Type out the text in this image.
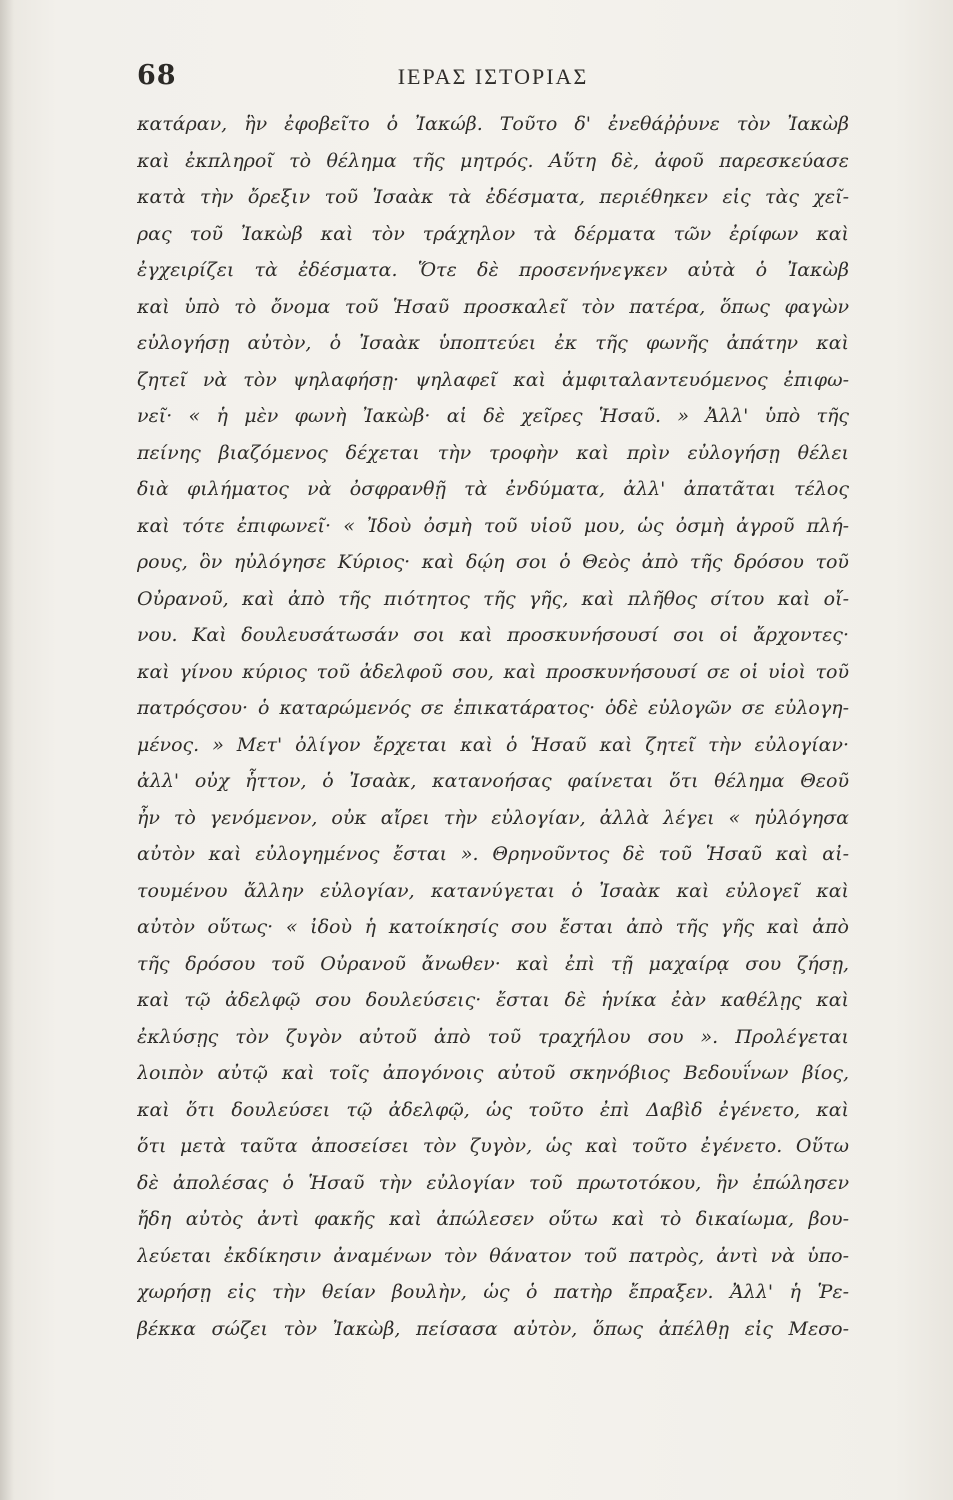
68	ΙΕΡΑΣ ΙΣΤΟΡΙΑΣ
κατάραν, ἣν ἐφοβεῖτο ὁ Ἰακώβ. Τοῦτο δ' ἐνεθάῤῥυνε τὸν Ἰακὼβ
καὶ ἐκπληροῖ τὸ θέλημα τῆς μητρός. Αὕτη δὲ, ἀφοῦ παρεσκεύασε
κατὰ τὴν ὄρεξιν τοῦ Ἰσαὰκ τὰ ἐδέσματα, περιέθηκεν εἰς τὰς χεῖ-
ρας τοῦ Ἰακὼβ καὶ τὸν τράχηλον τὰ δέρματα τῶν ἐρίφων καὶ
ἐγχειρίζει τὰ ἐδέσματα. Ὅτε δὲ προσενήνεγκεν αὐτὰ ὁ Ἰακὼβ
καὶ ὑπὸ τὸ ὄνομα τοῦ Ἡσαῦ προσκαλεῖ τὸν πατέρα, ὅπως φαγὼν
εὐλογήσῃ αὐτὸν, ὁ Ἰσαὰκ ὑποπτεύει ἐκ τῆς φωνῆς ἀπάτην καὶ
ζητεῖ νὰ τὸν ψηλαφήσῃ· ψηλαφεῖ καὶ ἀμφιταλαντευόμενος ἐπιφω-
νεῖ· « ἡ μὲν φωνὴ Ἰακὼβ· αἱ δὲ χεῖρες Ἡσαῦ. » Ἀλλ' ὑπὸ τῆς
πείνης βιαζόμενος δέχεται τὴν τροφὴν καὶ πρὶν εὐλογήσῃ θέλει
διὰ φιλήματος νὰ ὀσφρανθῇ τὰ ἐνδύματα, ἀλλ' ἀπατᾶται τέλος
καὶ τότε ἐπιφωνεῖ· « Ἰδοὺ ὀσμὴ τοῦ υἱοῦ μου, ὡς ὀσμὴ ἀγροῦ πλή-
ρους, ὃν ηὐλόγησε Κύριος· καὶ δῴη σοι ὁ Θεὸς ἀπὸ τῆς δρόσου τοῦ
Οὐρανοῦ, καὶ ἀπὸ τῆς πιότητος τῆς γῆς, καὶ πλῆθος σίτου καὶ οἴ-
νου. Καὶ δουλευσάτωσάν σοι καὶ προσκυνήσουσί σοι οἱ ἄρχοντες·
καὶ γίνου κύριος τοῦ ἀδελφοῦ σου, καὶ προσκυνήσουσί σε οἱ υἱοὶ τοῦ
πατρόςσου· ὁ καταρώμενός σε ἐπικατάρατος· ὁδὲ εὐλογῶν σε εὐλογη-
μένος. » Μετ' ὀλίγον ἔρχεται καὶ ὁ Ἡσαῦ καὶ ζητεῖ τὴν εὐλογίαν·
ἀλλ' οὐχ ἧττον, ὁ Ἰσαὰκ, κατανοήσας φαίνεται ὅτι θέλημα Θεοῦ
ἦν τὸ γενόμενον, οὐκ αἴρει τὴν εὐλογίαν, ἀλλὰ λέγει « ηὐλόγησα
αὐτὸν καὶ εὐλογημένος ἔσται ». Θρηνοῦντος δὲ τοῦ Ἡσαῦ καὶ αἰ-
τουμένου ἄλλην εὐλογίαν, κατανύγεται ὁ Ἰσαὰκ καὶ εὐλογεῖ καὶ
αὐτὸν οὕτως· « ἰδοὺ ἡ κατοίκησίς σου ἔσται ἀπὸ τῆς γῆς καὶ ἀπὸ
τῆς δρόσου τοῦ Οὐρανοῦ ἄνωθεν· καὶ ἐπὶ τῇ μαχαίρᾳ σου ζήσῃ,
καὶ τῷ ἀδελφῷ σου δουλεύσεις· ἔσται δὲ ἡνίκα ἐὰν καθέλῃς καὶ
ἐκλύσῃς τὸν ζυγὸν αὐτοῦ ἀπὸ τοῦ τραχήλου σου ». Προλέγεται
λοιπὸν αὐτῷ καὶ τοῖς ἀπογόνοις αὐτοῦ σκηνόβιος Βεδουΐνων βίος,
καὶ ὅτι δουλεύσει τῷ ἀδελφῷ, ὡς τοῦτο ἐπὶ Δαβὶδ ἐγένετο, καὶ
ὅτι μετὰ ταῦτα ἀποσείσει τὸν ζυγὸν, ὡς καὶ τοῦτο ἐγένετο. Οὕτω
δὲ ἀπολέσας ὁ Ἡσαῦ τὴν εὐλογίαν τοῦ πρωτοτόκου, ἣν ἐπώλησεν
ἤδη αὐτὸς ἀντὶ φακῆς καὶ ἀπώλεσεν οὕτω καὶ τὸ δικαίωμα, βου-
λεύεται ἐκδίκησιν ἀναμένων τὸν θάνατον τοῦ πατρὸς, ἀντὶ νὰ ὑπο-
χωρήσῃ εἰς τὴν θείαν βουλὴν, ὡς ὁ πατὴρ ἔπραξεν. Ἀλλ' ἡ Ῥε-
βέκκα σώζει τὸν Ἰακὼβ, πείσασα αὐτὸν, ὅπως ἀπέλθῃ εἰς Μεσο-
